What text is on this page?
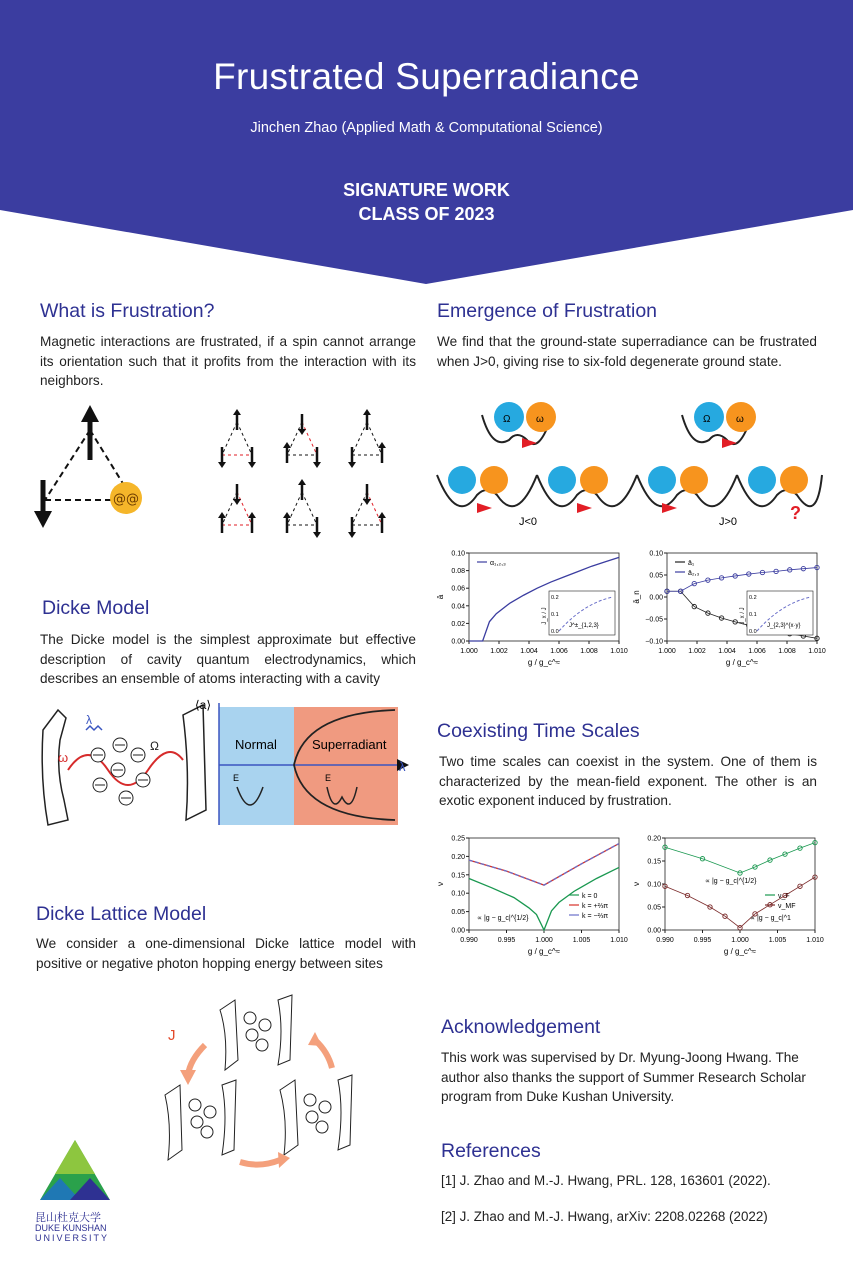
Frustrated Superradiance
Jinchen Zhao (Applied Math & Computational Science)
SIGNATURE WORK
CLASS OF 2023
What is Frustration?

Magnetic interactions are frustrated, if a spin cannot arrange its orientation such that it profits from the interaction with its neighbors.

@@
Dicke Model

The Dicke model is the simplest approximate but effective description of cavity quantum electrodynamics, which describes an ensemble of atoms interacting with a cavity

ω
λ
Ω
⟨a⟩
λ
Normal	Superradiant
E	E
Dicke Lattice Model

We consider a one-dimensional Dicke lattice model with positive or negative photon hopping energy between sites

J
昆山杜克大学
DUKE KUNSHAN
UNIVERSITY
Emergence of Frustration

We find that the ground-state superradiance can be frustrated when J>0, giving rise to six-fold degenerate ground state.

Ω	ω
J<0
Ω	ω
?
J>0
1.000 1.002 1.004 1.006 1.008 1.010
0.00
0.02
0.04
0.06
0.08
0.10
g / g_c^≈
ā
α₁,₂,₃
J^±_{1,2,3}
J_x / J
0.0
0.1
0.2
1.000 1.002 1.004 1.006 1.008 1.010
−0.10
−0.05
0.00
0.05
0.10
g / g_c^≈
ā_n
ā₁
ā₂,₃
J_{2,3}^{x·y}
J_x / J
0.0
0.1
0.2
Coexisting Time Scales

Two time scales can coexist in the system. One of them is characterized by the mean-field exponent. The other is an exotic exponent induced by frustration.

0.990	0.995	1.000	1.005	1.010
0.00
0.05
0.10
0.15
0.20
0.25
g / g_c^≈
ν
k = 0
k = +⅔π
k = −⅔π
∝ |g − g_c|^{1/2}
0.990	0.995	1.000	1.005	1.010
0.00
0.05
0.10
0.15
0.20
g / g_c^≈
ν
ν_F
ν_MF
∝ |g − g_c|^{1/2}
∝ |g − g_c|^1
Acknowledgement

This work was supervised by Dr. Myung-Joong Hwang. The author also thanks the support of Summer Research Scholar program from Duke Kushan University.

References

[1] J. Zhao and M.-J. Hwang, PRL. 128, 163601 (2022).

[2] J. Zhao and M.-J. Hwang, arXiv: 2208.02268 (2022)
